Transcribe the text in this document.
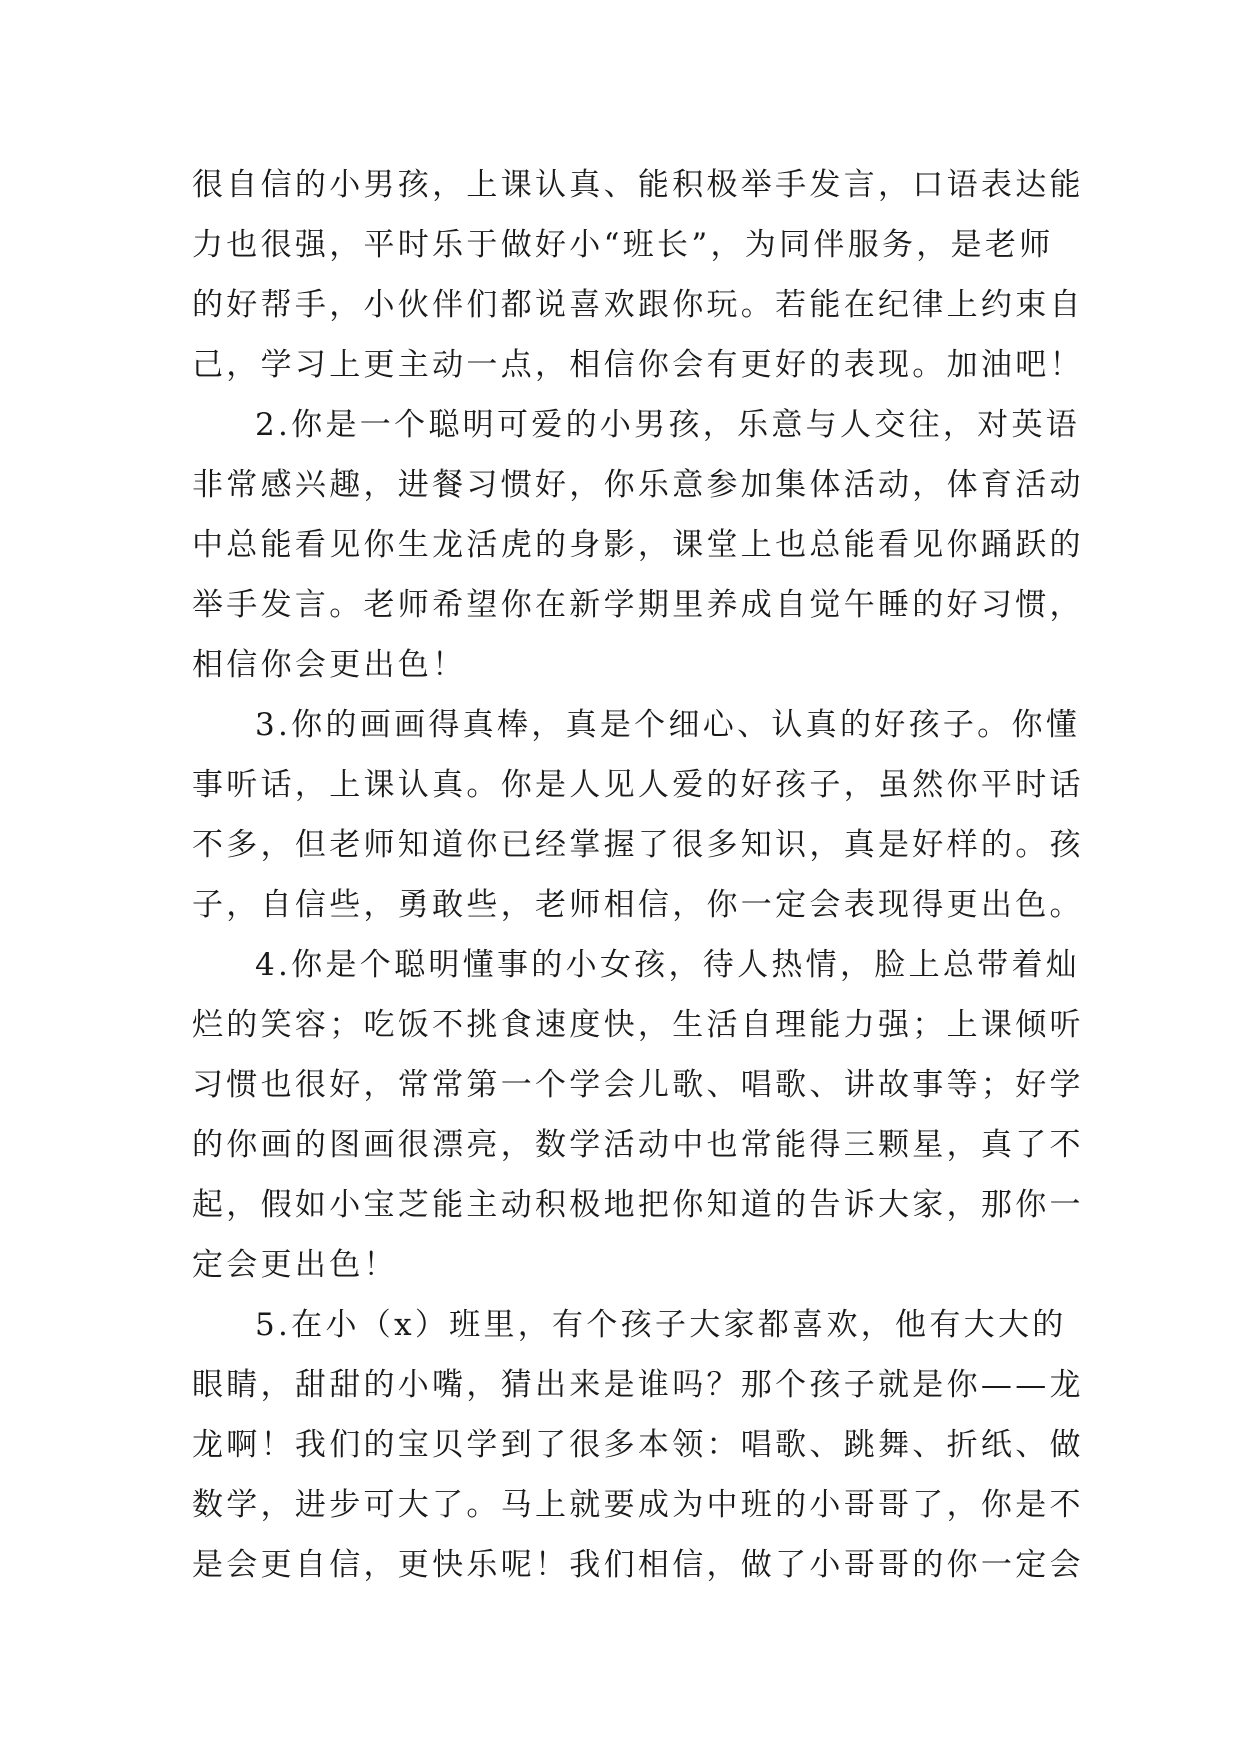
很自信的小男孩，上课认真、能积极举手发言，口语表达能
力也很强，平时乐于做好小“班长”，为同伴服务，是老师
的好帮手，小伙伴们都说喜欢跟你玩。若能在纪律上约束自
己，学习上更主动一点，相信你会有更好的表现。加油吧！
2.你是一个聪明可爱的小男孩，乐意与人交往，对英语
非常感兴趣，进餐习惯好，你乐意参加集体活动，体育活动
中总能看见你生龙活虎的身影，课堂上也总能看见你踊跃的
举手发言。老师希望你在新学期里养成自觉午睡的好习惯，
相信你会更出色！
3.你的画画得真棒，真是个细心、认真的好孩子。你懂
事听话，上课认真。你是人见人爱的好孩子，虽然你平时话
不多，但老师知道你已经掌握了很多知识，真是好样的。孩
子，自信些，勇敢些，老师相信，你一定会表现得更出色。
4.你是个聪明懂事的小女孩，待人热情，脸上总带着灿
烂的笑容；吃饭不挑食速度快，生活自理能力强；上课倾听
习惯也很好，常常第一个学会儿歌、唱歌、讲故事等；好学
的你画的图画很漂亮，数学活动中也常能得三颗星，真了不
起，假如小宝芝能主动积极地把你知道的告诉大家，那你一
定会更出色！
5.在小（x）班里，有个孩子大家都喜欢，他有大大的
眼睛，甜甜的小嘴，猜出来是谁吗？那个孩子就是你——龙
龙啊！我们的宝贝学到了很多本领：唱歌、跳舞、折纸、做
数学，进步可大了。马上就要成为中班的小哥哥了，你是不
是会更自信，更快乐呢！我们相信，做了小哥哥的你一定会
